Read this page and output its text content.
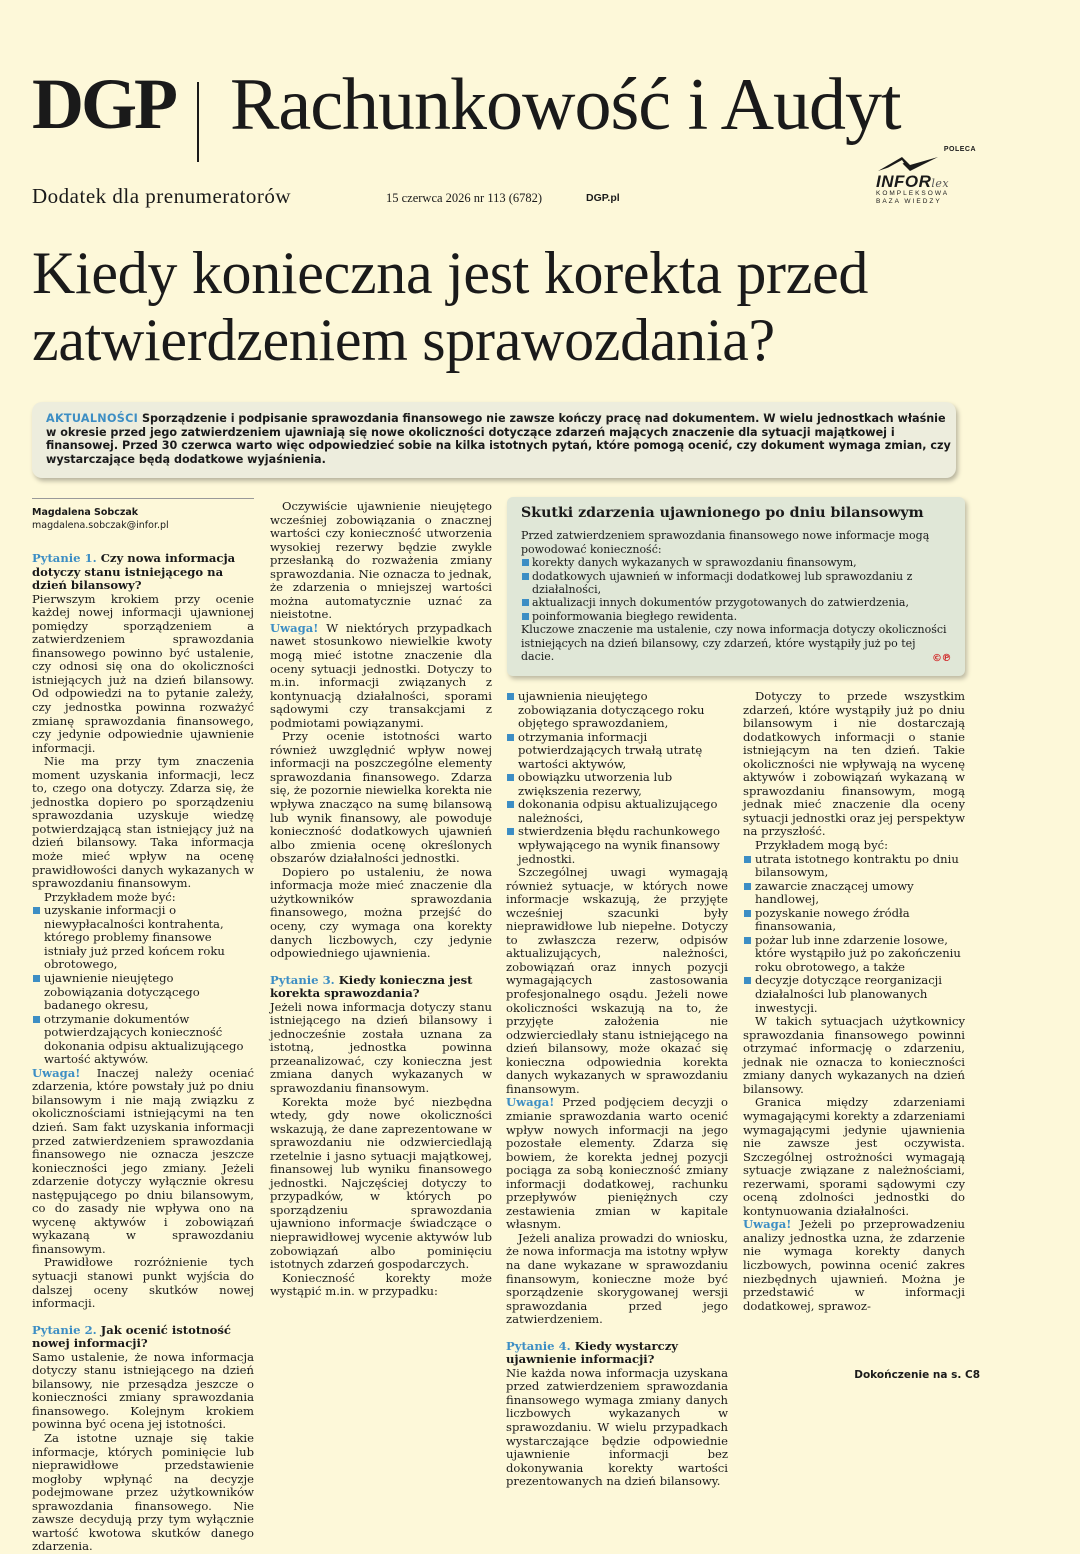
DGP Rachunkowość i Audyt
Dodatek dla prenumeratorów	15 czerwca 2026 nr 113 (6782)	DGP.pl
POLECA
INFORlex
KOMPLEKSOWA
BAZA WIEDZY
Kiedy konieczna jest korekta przed zatwierdzeniem sprawozdania?
AKTUALNOŚCI Sporządzenie i podpisanie sprawozdania finansowego nie zawsze kończy pracę nad dokumentem. W wielu jednostkach właśnie w okresie przed jego zatwierdzeniem ujawniają się nowe okoliczności dotyczące zdarzeń mających znaczenie dla sytuacji majątkowej i finansowej. Przed 30 czerwca warto więc odpowiedzieć sobie na kilka istotnych pytań, które pomogą ocenić, czy dokument wymaga zmian, czy wystarczające będą dodatkowe wyjaśnienia.
Magdalena Sobczak
magdalena.sobczak@infor.pl
Pytanie 1. Czy nowa informacja dotyczy stanu istniejącego na dzień bilansowy?

Pierwszym krokiem przy ocenie każdej nowej informacji ujawnionej pomiędzy sporządzeniem a zatwierdzeniem sprawozdania finansowego powinno być ustalenie, czy odnosi się ona do okoliczności istniejących już na dzień bilansowy. Od odpowiedzi na to pytanie zależy, czy jednostka powinna rozważyć zmianę sprawozdania finansowego, czy jedynie odpowiednie ujawnienie informacji.

Nie ma przy tym znaczenia moment uzyskania informacji, lecz to, czego ona dotyczy. Zdarza się, że jednostka dopiero po sporządzeniu sprawozdania uzyskuje wiedzę potwierdzającą stan istniejący już na dzień bilansowy. Taka informacja może mieć wpływ na ocenę prawidłowości danych wykazanych w sprawozdaniu finansowym.

Przykładem może być:

uzyskanie informacji o niewypłacalności kontrahenta, którego problemy finansowe istniały już przed końcem roku obrotowego,
ujawnienie nieujętego zobowiązania dotyczącego badanego okresu,
otrzymanie dokumentów potwierdzających konieczność dokonania odpisu aktualizującego wartość aktywów.

Uwaga! Inaczej należy oceniać zdarzenia, które powstały już po dniu bilansowym i nie mają związku z okolicznościami istniejącymi na ten dzień. Sam fakt uzyskania informacji przed zatwierdzeniem sprawozdania finansowego nie oznacza jeszcze konieczności jego zmiany. Jeżeli zdarzenie dotyczy wyłącznie okresu następującego po dniu bilansowym, co do zasady nie wpływa ono na wycenę aktywów i zobowiązań wykazaną w sprawozdaniu finansowym.

Prawidłowe rozróżnienie tych sytuacji stanowi punkt wyjścia do dalszej oceny skutków nowej informacji.

Pytanie 2. Jak ocenić istotność nowej informacji?

Samo ustalenie, że nowa informacja dotyczy stanu istniejącego na dzień bilansowy, nie przesądza jeszcze o konieczności zmiany sprawozdania finansowego. Kolejnym krokiem powinna być ocena jej istotności.

Za istotne uznaje się takie informacje, których pominięcie lub nieprawidłowe przedstawienie mogłoby wpłynąć na decyzje podejmowane przez użytkowników sprawozdania finansowego. Nie zawsze decydują przy tym wyłącznie wartość kwotowa skutków danego zdarzenia.

Oczywiście ujawnienie nieujętego wcześniej zobowiązania o znacznej wartości czy konieczność utworzenia wysokiej rezerwy będzie zwykle przesłanką do rozważenia zmiany sprawozdania. Nie oznacza to jednak, że zdarzenia o mniejszej wartości można automatycznie uznać za nieistotne.

Uwaga! W niektórych przypadkach nawet stosunkowo niewielkie kwoty mogą mieć istotne znaczenie dla oceny sytuacji jednostki. Dotyczy to m.in. informacji związanych z kontynuacją działalności, sporami sądowymi czy transakcjami z podmiotami powiązanymi.

Przy ocenie istotności warto również uwzględnić wpływ nowej informacji na poszczególne elementy sprawozdania finansowego. Zdarza się, że pozornie niewielka korekta nie wpływa znacząco na sumę bilansową lub wynik finansowy, ale powoduje konieczność dodatkowych ujawnień albo zmienia ocenę określonych obszarów działalności jednostki.

Dopiero po ustaleniu, że nowa informacja może mieć znaczenie dla użytkowników sprawozdania finansowego, można przejść do oceny, czy wymaga ona korekty danych liczbowych, czy jedynie odpowiedniego ujawnienia.

Pytanie 3. Kiedy konieczna jest korekta sprawozdania?

Jeżeli nowa informacja dotyczy stanu istniejącego na dzień bilansowy i jednocześnie została uznana za istotną, jednostka powinna przeanalizować, czy konieczna jest zmiana danych wykazanych w sprawozdaniu finansowym.

Korekta może być niezbędna wtedy, gdy nowe okoliczności wskazują, że dane zaprezentowane w sprawozdaniu nie odzwierciedlają rzetelnie i jasno sytuacji majątkowej, finansowej lub wyniku finansowego jednostki. Najczęściej dotyczy to przypadków, w których po sporządzeniu sprawozdania ujawniono informacje świadczące o nieprawidłowej wycenie aktywów lub zobowiązań albo pominięciu istotnych zdarzeń gospodarczych.

Konieczność korekty może wystąpić m.in. w przypadku:

Skutki zdarzenia ujawnionego po dniu bilansowym

Przed zatwierdzeniem sprawozdania finansowego nowe informacje mogą powodować konieczność:

korekty danych wykazanych w sprawozdaniu finansowym,
dodatkowych ujawnień w informacji dodatkowej lub sprawozdaniu z działalności,
aktualizacji innych dokumentów przygotowanych do zatwierdzenia,
poinformowania biegłego rewidenta.

Kluczowe znaczenie ma ustalenie, czy nowa informacja dotyczy okoliczności istniejących na dzień bilansowy, czy zdarzeń, które wystąpiły już po tej dacie.	©℗
ujawnienia nieujętego zobowiązania dotyczącego roku objętego sprawozdaniem,
otrzymania informacji potwierdzających trwałą utratę wartości aktywów,
obowiązku utworzenia lub zwiększenia rezerwy,
dokonania odpisu aktualizującego należności,
stwierdzenia błędu rachunkowego wpływającego na wynik finansowy jednostki.

Szczególnej uwagi wymagają również sytuacje, w których nowe informacje wskazują, że przyjęte wcześniej szacunki były nieprawidłowe lub niepełne. Dotyczy to zwłaszcza rezerw, odpisów aktualizujących, należności, zobowiązań oraz innych pozycji wymagających zastosowania profesjonalnego osądu. Jeżeli nowe okoliczności wskazują na to, że przyjęte założenia nie odzwierciedlały stanu istniejącego na dzień bilansowy, może okazać się konieczna odpowiednia korekta danych wykazanych w sprawozdaniu finansowym.

Uwaga! Przed podjęciem decyzji o zmianie sprawozdania warto ocenić wpływ nowych informacji na jego pozostałe elementy. Zdarza się bowiem, że korekta jednej pozycji pociąga za sobą konieczność zmiany informacji dodatkowej, rachunku przepływów pieniężnych czy zestawienia zmian w kapitale własnym.

Jeżeli analiza prowadzi do wniosku, że nowa informacja ma istotny wpływ na dane wykazane w sprawozdaniu finansowym, konieczne może być sporządzenie skorygowanej wersji sprawozdania przed jego zatwierdzeniem.

Pytanie 4. Kiedy wystarczy ujawnienie informacji?

Nie każda nowa informacja uzyskana przed zatwierdzeniem sprawozdania finansowego wymaga zmiany danych liczbowych wykazanych w sprawozdaniu. W wielu przypadkach wystarczające będzie odpowiednie ujawnienie informacji bez dokonywania korekty wartości prezentowanych na dzień bilansowy.

Dotyczy to przede wszystkim zdarzeń, które wystąpiły już po dniu bilansowym i nie dostarczają dodatkowych informacji o stanie istniejącym na ten dzień. Takie okoliczności nie wpływają na wycenę aktywów i zobowiązań wykazaną w sprawozdaniu finansowym, mogą jednak mieć znaczenie dla oceny sytuacji jednostki oraz jej perspektyw na przyszłość.

Przykładem mogą być:

utrata istotnego kontraktu po dniu bilansowym,
zawarcie znaczącej umowy handlowej,
pozyskanie nowego źródła finansowania,
pożar lub inne zdarzenie losowe, które wystąpiło już po zakończeniu roku obrotowego, a także
decyzje dotyczące reorganizacji działalności lub planowanych inwestycji.

W takich sytuacjach użytkownicy sprawozdania finansowego powinni otrzymać informację o zdarzeniu, jednak nie oznacza to konieczności zmiany danych wykazanych na dzień bilansowy.

Granica między zdarzeniami wymagającymi korekty a zdarzeniami wymagającymi jedynie ujawnienia nie zawsze jest oczywista. Szczególnej ostrożności wymagają sytuacje związane z należnościami, rezerwami, sporami sądowymi czy oceną zdolności jednostki do kontynuowania działalności.

Uwaga! Jeżeli po przeprowadzeniu analizy jednostka uzna, że zdarzenie nie wymaga korekty danych liczbowych, powinna ocenić zakres niezbędnych ujawnień. Można je przedstawić w informacji dodatkowej, sprawoz-

Dokończenie na s. C8
